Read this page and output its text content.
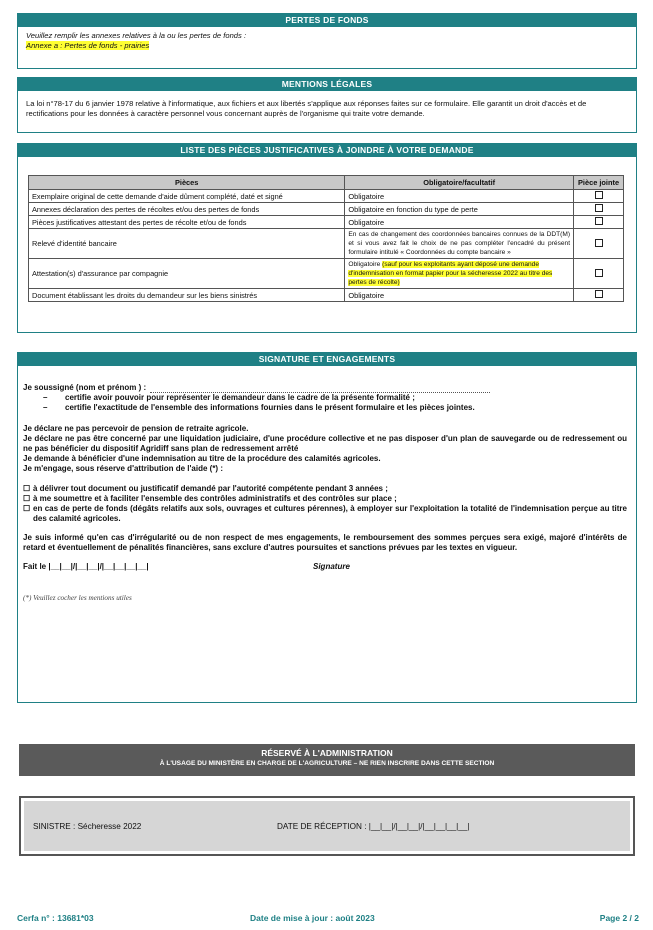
PERTES DE FONDS
Veuillez remplir les annexes relatives à la ou les pertes de fonds :
Annexe a : Pertes de fonds - prairies
MENTIONS LÉGALES
La loi n°78-17 du 6 janvier 1978 relative à l'informatique, aux fichiers et aux libertés s'applique aux réponses faites sur ce formulaire. Elle garantit un droit d'accès et de rectifications pour les données à caractère personnel vous concernant auprès de l'organisme qui traite votre demande.
LISTE DES PIÈCES JUSTIFICATIVES À JOINDRE À VOTRE DEMANDE
Pièces	Obligatoire/facultatif	Pièce jointe
Exemplaire original de cette demande d'aide dûment complété, daté et signé	Obligatoire	
Annexes déclaration des pertes de récoltes et/ou des pertes de fonds	Obligatoire en fonction du type de perte	
Pièces justificatives attestant des pertes de récolte et/ou de fonds	Obligatoire	
Relevé d'identité bancaire	En cas de changement des coordonnées bancaires connues de la DDT(M) et si vous avez fait le choix de ne pas compléter l'encadré du présent formulaire intitulé « Coordonnées du compte bancaire »	
Attestation(s) d'assurance par compagnie	Obligatoire (sauf pour les exploitants ayant déposé une demande d'indemnisation en format papier pour la sécheresse 2022 au titre des pertes de récolte)	
Document établissant les droits du demandeur sur les biens sinistrés	Obligatoire	
SIGNATURE ET ENGAGEMENTS
Je soussigné (nom et prénom ) :
– certifie avoir pouvoir pour représenter le demandeur dans le cadre de la présente formalité ;
– certifie l'exactitude de l'ensemble des informations fournies dans le présent formulaire et les pièces jointes.
Je déclare ne pas percevoir de pension de retraite agricole.
Je déclare ne pas être concerné par une liquidation judiciaire, d'une procédure collective et ne pas disposer d'un plan de sauvegarde ou de redressement ou ne pas bénéficier du dispositif Agridiff sans plan de redressement arrêté
Je demande à bénéficier d'une indemnisation au titre de la procédure des calamités agricoles.
Je m'engage, sous réserve d'attribution de l'aide (*) :
☐ à délivrer tout document ou justificatif demandé par l'autorité compétente pendant 3 années ;
☐ à me soumettre et à faciliter l'ensemble des contrôles administratifs et des contrôles sur place ;
☐ en cas de perte de fonds (dégâts relatifs aux sols, ouvrages et cultures pérennes), à employer sur l'exploitation la totalité de l'indemnisation perçue au titre des calamité agricoles.
Je suis informé qu'en cas d'irrégularité ou de non respect de mes engagements, le remboursement des sommes perçues sera exigé, majoré d'intérêts de retard et éventuellement de pénalités financières, sans exclure d'autres poursuites et sanctions prévues par les textes en vigueur.
Fait le |__|__|/|__|__|/|__|__|__|__|	Signature
(*) Veuillez cocher les mentions utiles
RÉSERVÉ À L'ADMINISTRATION
À L'USAGE DU MINISTÈRE EN CHARGE DE L'AGRICULTURE – NE RIEN INSCRIRE DANS CETTE SECTION
SINISTRE : Sécheresse 2022	DATE DE RÉCEPTION : |__|__|/|__|__|/|__|__|__|__|
Cerfa n° : 13681*03	Date de mise à jour : août 2023	Page 2 / 2
